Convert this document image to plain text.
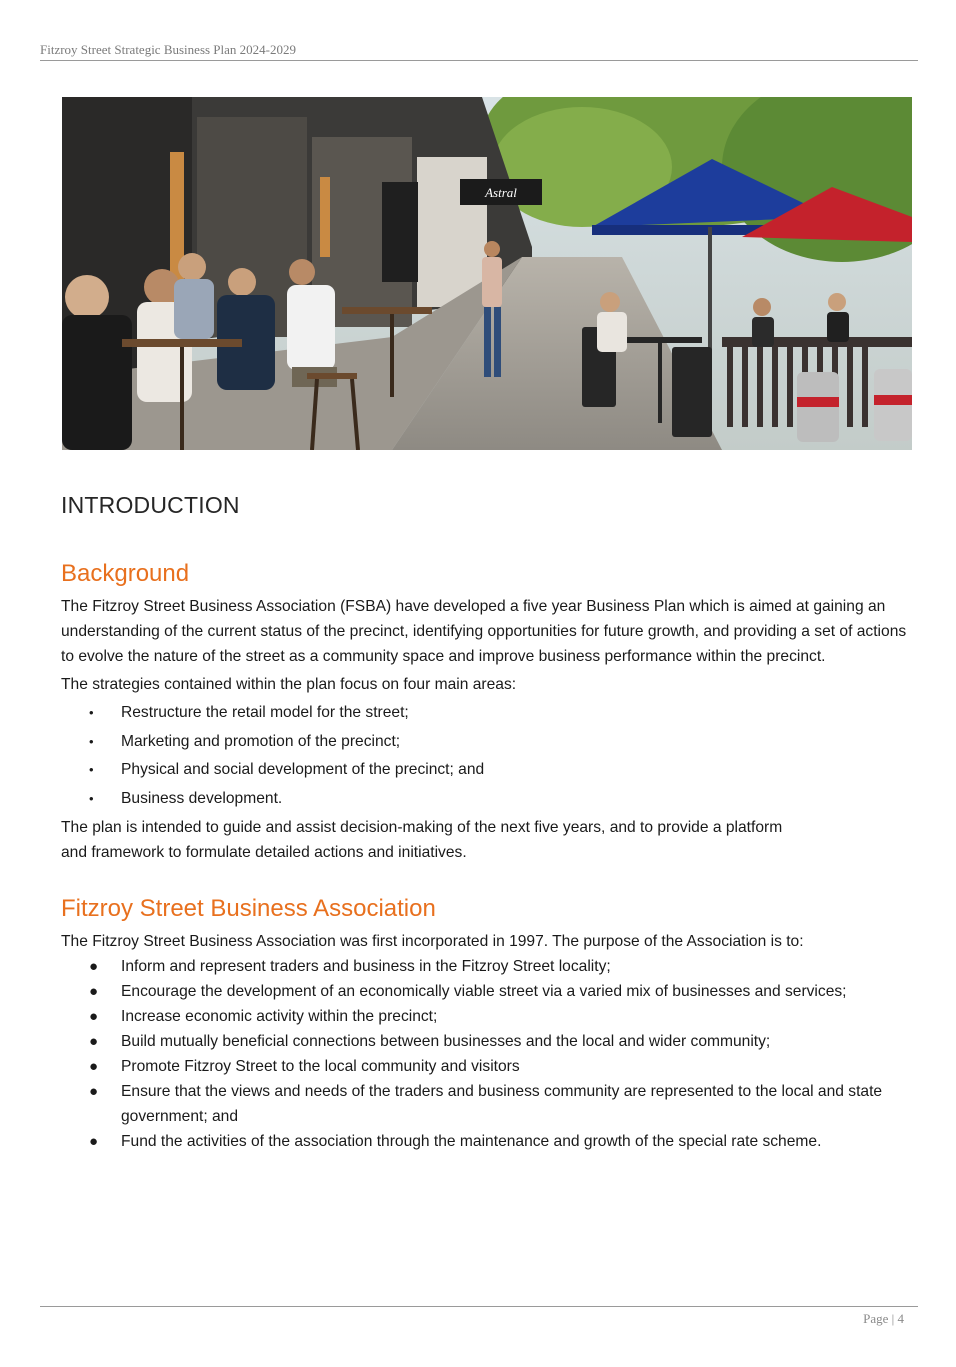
Fitzroy Street Strategic Business Plan 2024-2029
Astral
INTRODUCTION
Background

The Fitzroy Street Business Association (FSBA) have developed a five year Business Plan which is aimed at gaining an understanding of the current status of the precinct, identifying opportunities for future growth, and providing a set of actions to evolve the nature of the street as a community space and improve business performance within the precinct.

The strategies contained within the plan focus on four main areas:

• Restructure the retail model for the street;
• Marketing and promotion of the precinct;
• Physical and social development of the precinct; and
• Business development.

The plan is intended to guide and assist decision-making of the next five years, and to provide a platform and framework to formulate detailed actions and initiatives.

Fitzroy Street Business Association

The Fitzroy Street Business Association was first incorporated in 1997. The purpose of the Association is to:

● Inform and represent traders and business in the Fitzroy Street locality;
● Encourage the development of an economically viable street via a varied mix of businesses and services;
● Increase economic activity within the precinct;
● Build mutually beneficial connections between businesses and the local and wider community;
● Promote Fitzroy Street to the local community and visitors
● Ensure that the views and needs of the traders and business community are represented to the local and state government; and
● Fund the activities of the association through the maintenance and growth of the special rate scheme.
Page | 4
